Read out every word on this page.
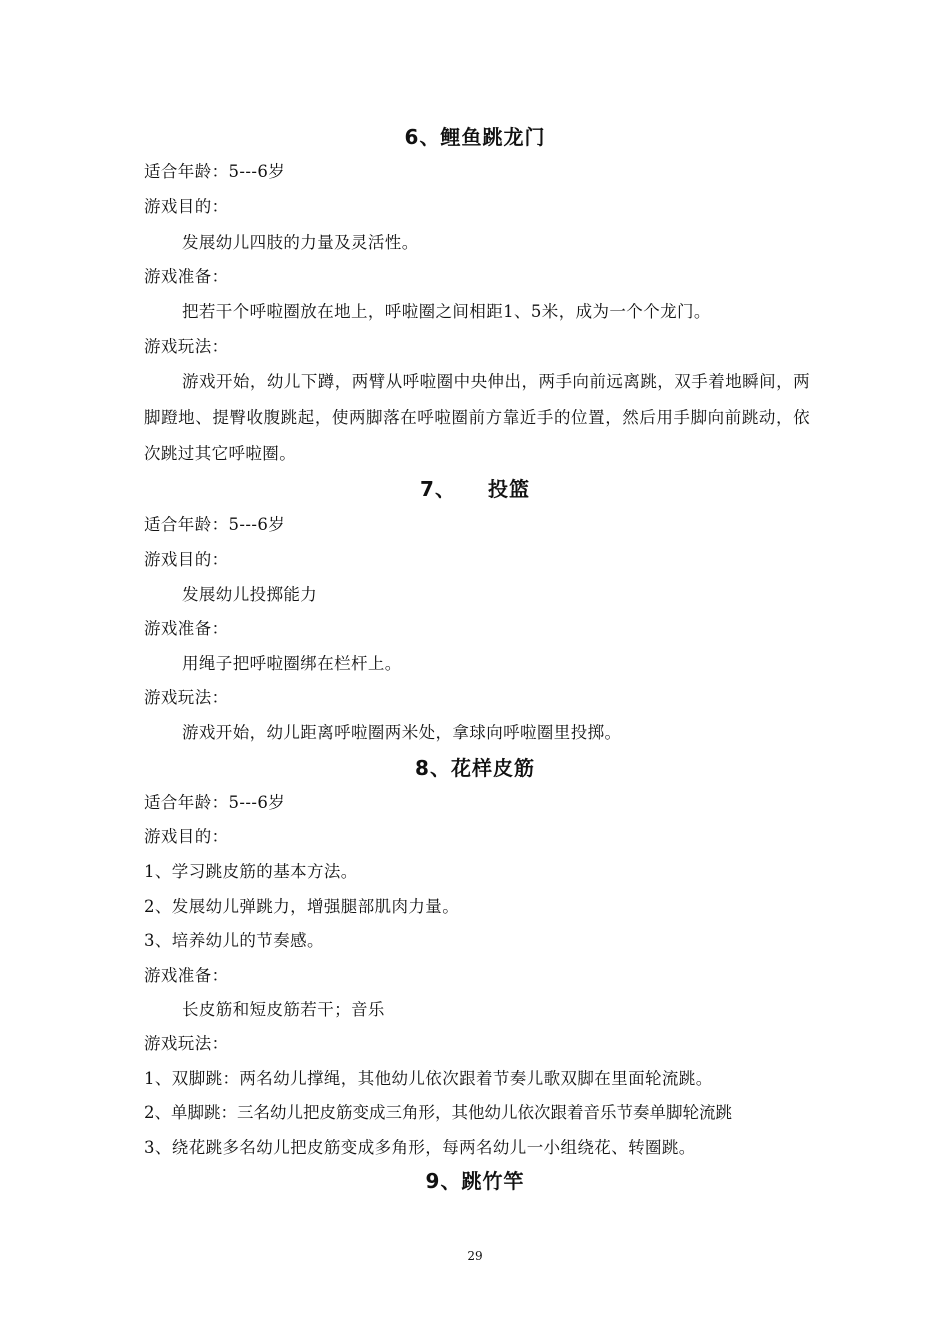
6、鲤鱼跳龙门
适合年龄：5---6岁
游戏目的：
发展幼儿四肢的力量及灵活性。
游戏准备：
把若干个呼啦圈放在地上，呼啦圈之间相距1、5米，成为一个个龙门。
游戏玩法：
游戏开始，幼儿下蹲，两臂从呼啦圈中央伸出，两手向前远离跳，双手着地瞬间，两脚蹬地、提臀收腹跳起，使两脚落在呼啦圈前方靠近手的位置，然后用手脚向前跳动，依次跳过其它呼啦圈。
7、　　投篮
适合年龄：5---6岁
游戏目的：
发展幼儿投掷能力
游戏准备：
用绳子把呼啦圈绑在栏杆上。
游戏玩法：
游戏开始，幼儿距离呼啦圈两米处，拿球向呼啦圈里投掷。
8、花样皮筋
适合年龄：5---6岁
游戏目的：
1、学习跳皮筋的基本方法。
2、发展幼儿弹跳力，增强腿部肌肉力量。
3、培养幼儿的节奏感。
游戏准备：
长皮筋和短皮筋若干；音乐
游戏玩法：
1、双脚跳：两名幼儿撑绳，其他幼儿依次跟着节奏儿歌双脚在里面轮流跳。
2、单脚跳：三名幼儿把皮筋变成三角形，其他幼儿依次跟着音乐节奏单脚轮流跳
3、绕花跳多名幼儿把皮筋变成多角形，每两名幼儿一小组绕花、转圈跳。
9、跳竹竿
29
